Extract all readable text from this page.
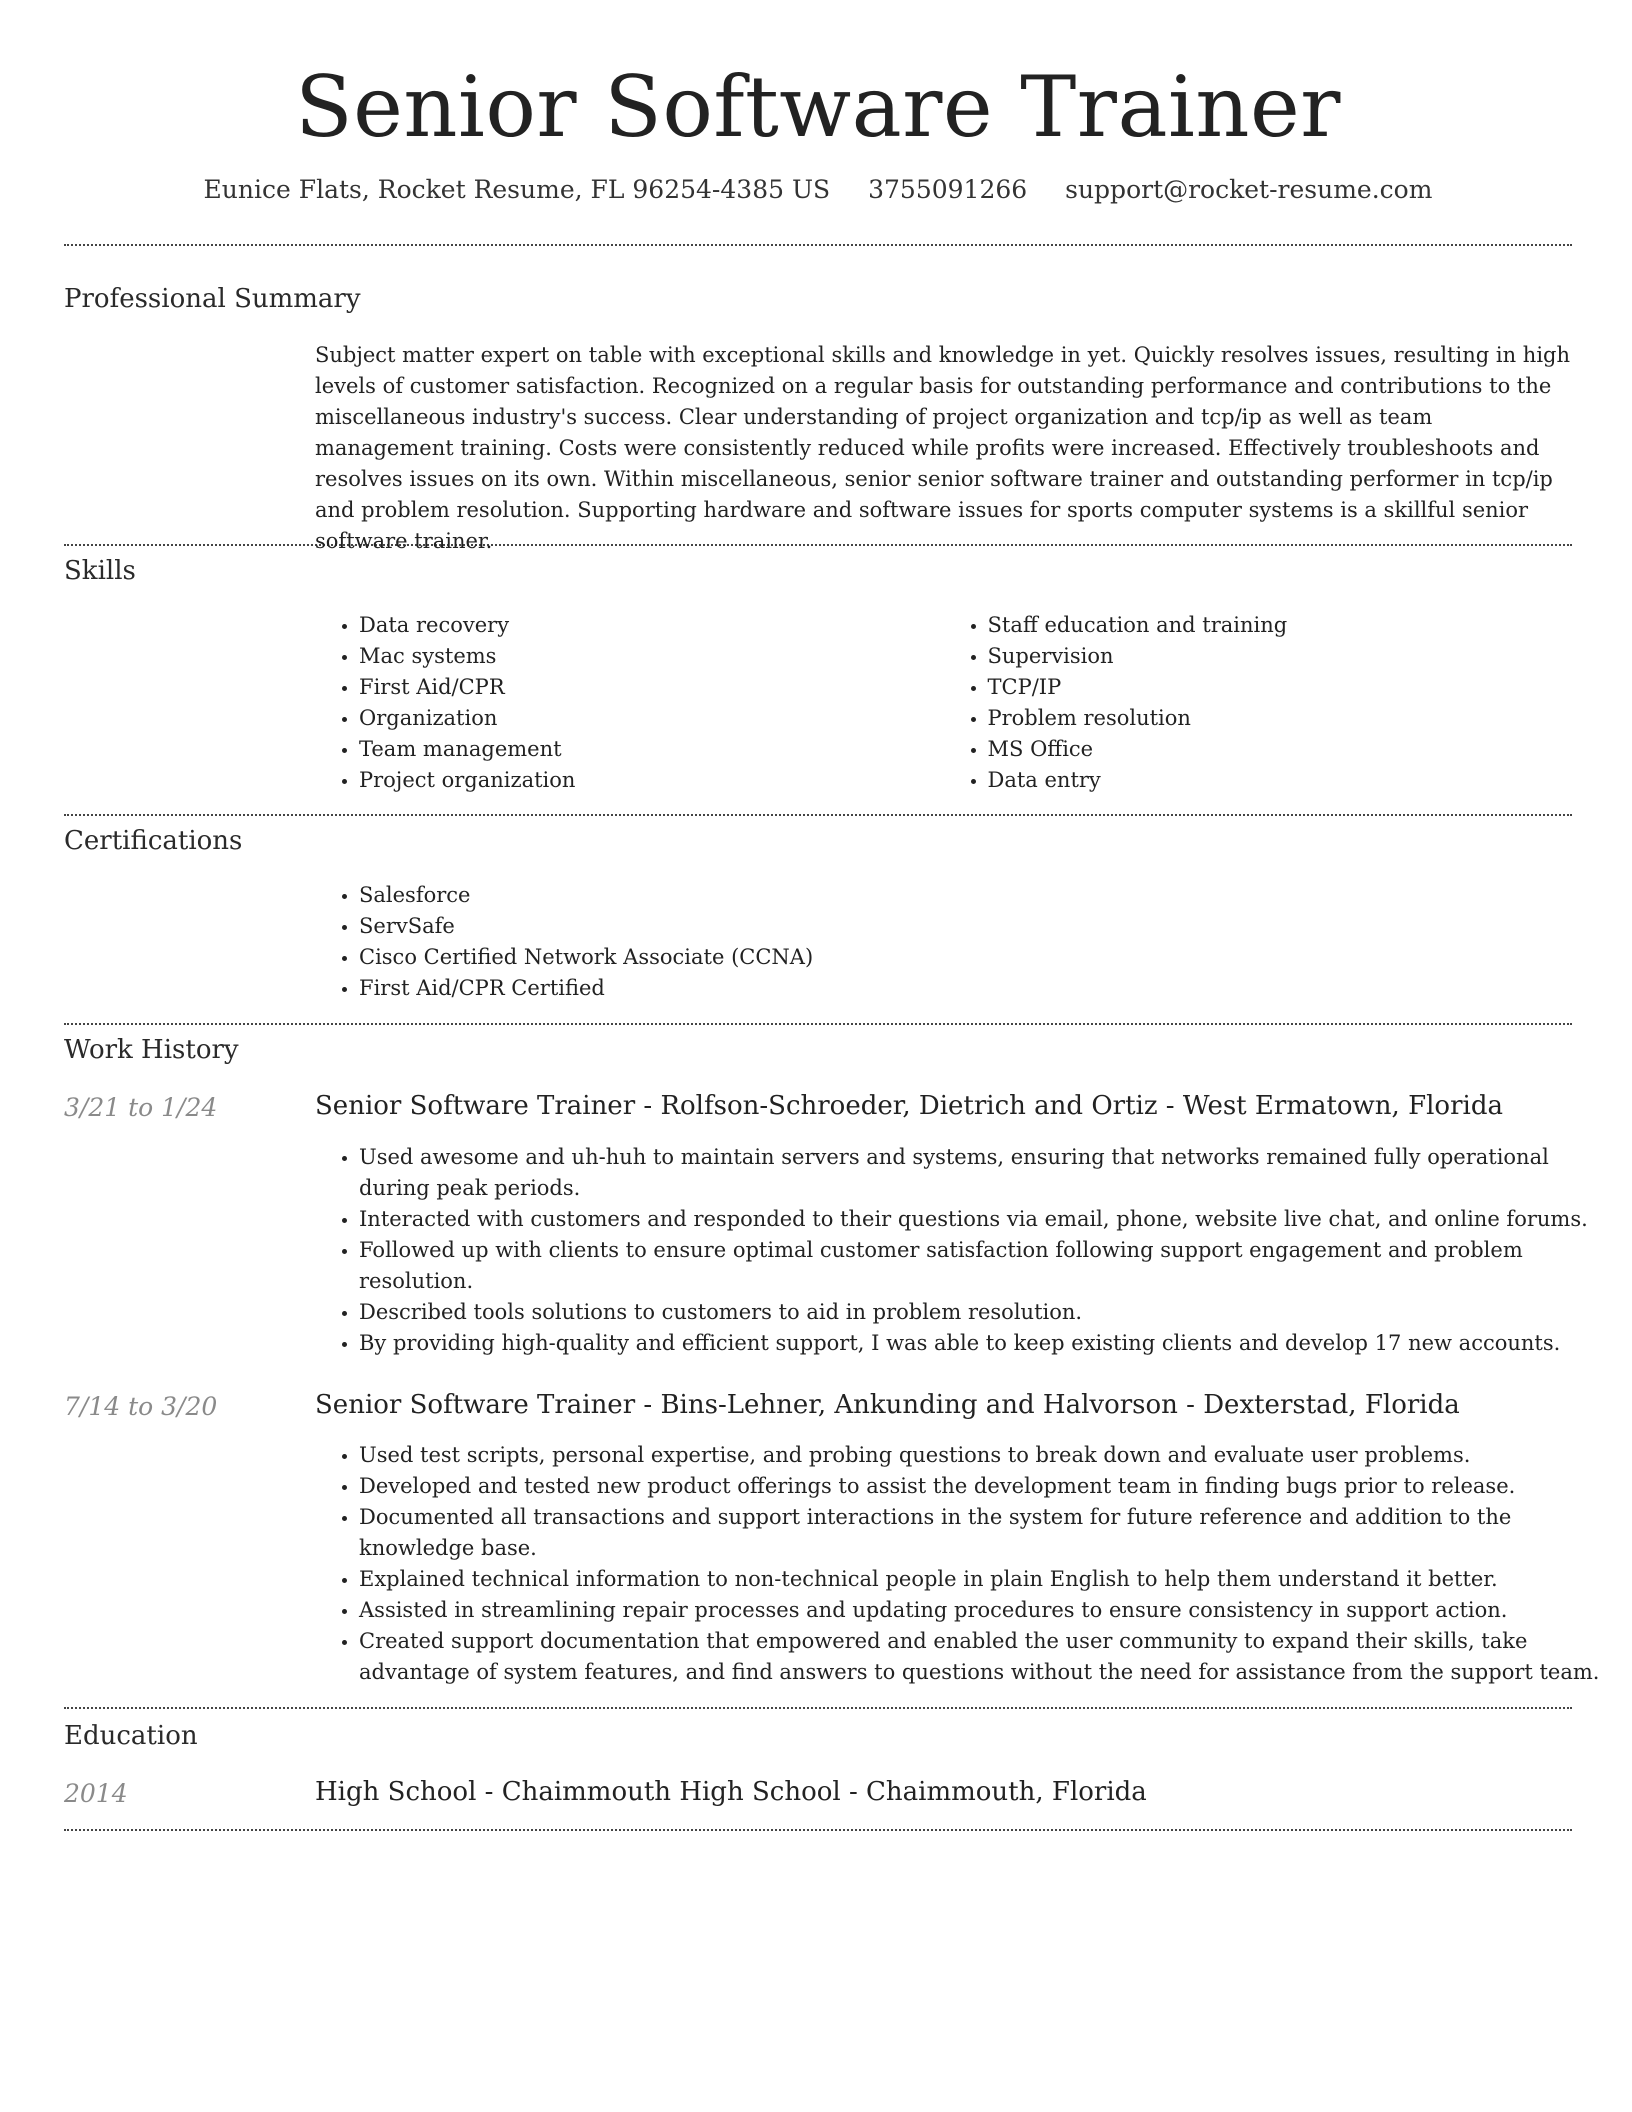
Senior Software Trainer
Eunice Flats, Rocket Resume, FL 96254-4385 US 3755091266 support@rocket-resume.com
Professional Summary

Subject matter expert on table with exceptional skills and knowledge in yet. Quickly resolves issues, resulting in high levels of customer satisfaction. Recognized on a regular basis for outstanding performance and contributions to the miscellaneous industry's success. Clear understanding of project organization and tcp/ip as well as team management training. Costs were consistently reduced while profits were increased. Effectively troubleshoots and resolves issues on its own. Within miscellaneous, senior senior software trainer and outstanding performer in tcp/ip and problem resolution. Supporting hardware and software issues for sports computer systems is a skillful senior software trainer.

Skills
• Data recovery
• Mac systems
• First Aid/CPR
• Organization
• Team management
• Project organization
• Staff education and training
• Supervision
• TCP/IP
• Problem resolution
• MS Office
• Data entry
Certifications
• Salesforce
• ServSafe
• Cisco Certified Network Associate (CCNA)
• First Aid/CPR Certified
Work History
3/21 to 1/24	Senior Software Trainer - Rolfson-Schroeder, Dietrich and Ortiz - West Ermatown, Florida
• Used awesome and uh-huh to maintain servers and systems, ensuring that networks remained fully operational during peak periods.
• Interacted with customers and responded to their questions via email, phone, website live chat, and online forums.
• Followed up with clients to ensure optimal customer satisfaction following support engagement and problem resolution.
• Described tools solutions to customers to aid in problem resolution.
• By providing high-quality and efficient support, I was able to keep existing clients and develop 17 new accounts.
7/14 to 3/20	Senior Software Trainer - Bins-Lehner, Ankunding and Halvorson - Dexterstad, Florida
• Used test scripts, personal expertise, and probing questions to break down and evaluate user problems.
• Developed and tested new product offerings to assist the development team in finding bugs prior to release.
• Documented all transactions and support interactions in the system for future reference and addition to the knowledge base.
• Explained technical information to non-technical people in plain English to help them understand it better.
• Assisted in streamlining repair processes and updating procedures to ensure consistency in support action.
• Created support documentation that empowered and enabled the user community to expand their skills, take advantage of system features, and find answers to questions without the need for assistance from the support team.
Education
2014	High School - Chaimmouth High School - Chaimmouth, Florida
